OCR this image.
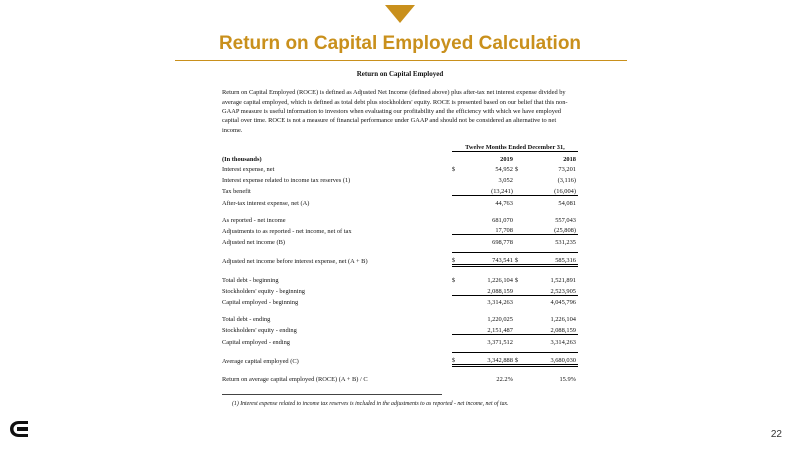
Return on Capital Employed Calculation
Return on Capital Employed
Return on Capital Employed (ROCE) is defined as Adjusted Net Income (defined above) plus after-tax net interest expense divided by average capital employed, which is defined as total debt plus stockholders' equity. ROCE is presented based on our belief that this non-GAAP measure is useful information to investors when evaluating our profitability and the efficiency with which we have employed capital over time. ROCE is not a measure of financial performance under GAAP and should not be considered an alternative to net income.
	Twelve Months Ended December 31,			
(In thousands)		2019		2018
Interest expense, net	$	54,952	$	73,201
Interest expense related to income tax reserves (1)		3,052		(3,116)
Tax benefit		(13,241)		(16,004)
After-tax interest expense, net (A)		44,763		54,081

As reported - net income		681,070		557,043
Adjustments to as reported - net income, net of tax		17,708		(25,808)
Adjusted net income (B)		698,778		531,235

Adjusted net income before interest expense, net (A + B)	$	743,541	$	585,316

Total debt - beginning	$	1,226,104	$	1,521,891
Stockholders' equity - beginning		2,088,159		2,523,905
Capital employed - beginning		3,314,263		4,045,796

Total debt - ending		1,220,025		1,226,104
Stockholders' equity - ending		2,151,487		2,088,159
Capital employed - ending		3,371,512		3,314,263

Average capital employed (C)	$	3,342,888	$	3,680,030

Return on average capital employed (ROCE) (A + B) / C		22.2%		15.9%
(1) Interest expense related to income tax reserves is included in the adjustments to as reported - net income, net of tax.
22
